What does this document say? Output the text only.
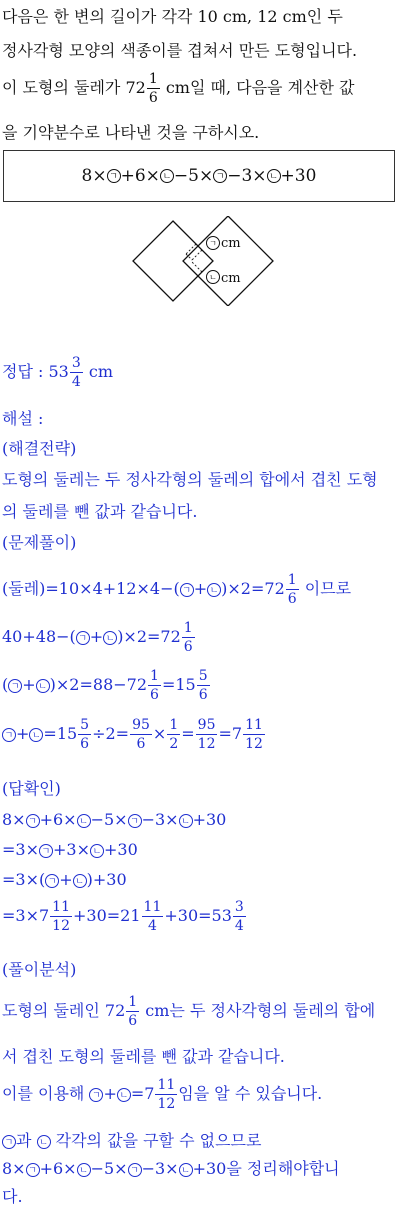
다음은 한 변의 길이가 각각 10 cm, 12 cm인 두
정사각형 모양의 색종이를 겹쳐서 만든 도형입니다.
이 도형의 둘레가 $72 \frac{1}{6}$ cm일 때, 다음을 계산한 값
을 기약분수로 나타낸 것을 구하시오.
8× ㄱ +6× ㄴ −5× ㄱ −3× ㄴ +30
ㄱ
ㄴ
cm
cm
정답 : $53 \frac{3}{4}$ cm
해설 :
(해결전략)
도형의 둘레는 두 정사각형의 둘레의 합에서 겹친 도형
의 둘레를 뺀 값과 같습니다.
(문제풀이)
(둘레)=10×4+12×4−( ㄱ + ㄴ )$\times 2=72 \frac{1}{6}$ 이므로
40+48−( ㄱ + ㄴ )$\times 2=72 \frac{1}{6}$
( ㄱ + ㄴ )$\times 2=88-72 \frac{1}{6} =15 \frac{5}{6}$
ㄱ + ㄴ $=15 \frac{5}{6} \div 2= \frac{95}{6} \times \frac{1}{2} = \frac{95}{12} =7 \frac{11}{12}$
(답확인)
8× ㄱ +6× ㄴ −5× ㄱ −3× ㄴ +30
=3× ㄱ +3× ㄴ +30
=3×( ㄱ + ㄴ )+30
$=3\times 7 \frac{11}{12} +30=21 \frac{11}{4} +30=53 \frac{3}{4}$
(풀이분석)
도형의 둘레인 $72 \frac{1}{6}$ cm는 두 정사각형의 둘레의 합에
서 겹친 도형의 둘레를 뺀 값과 같습니다.
이를 이용해 ㄱ + ㄴ $=7 \frac{11}{12}$ 임을 알 수 있습니다.
ㄱ 과 ㄴ 각각의 값을 구할 수 없으므로
8× ㄱ +6× ㄴ −5× ㄱ −3× ㄴ +30을 정리해야합니
다.
